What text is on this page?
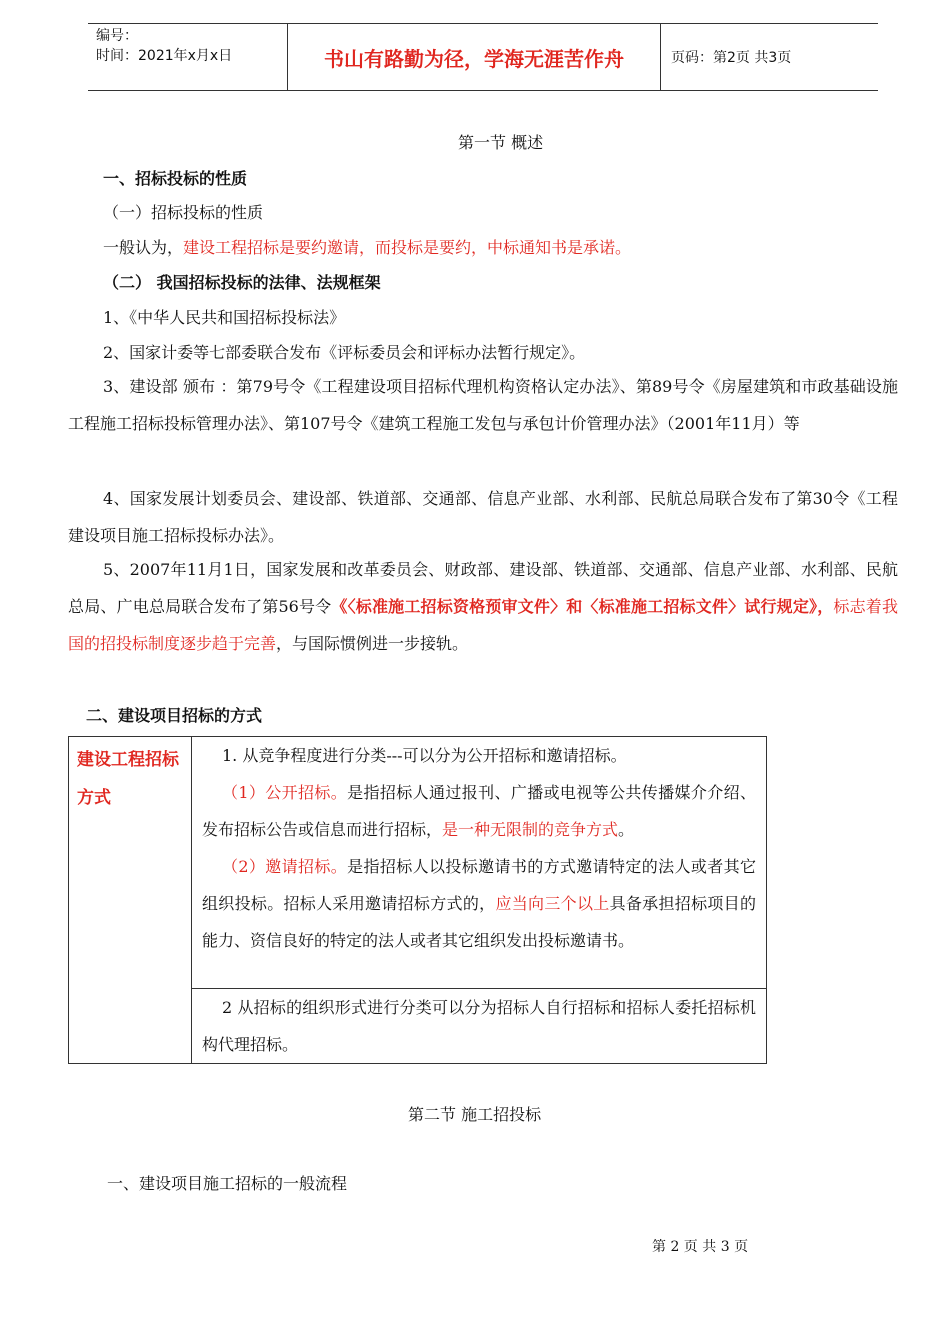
编号：
时间：2021年x月x日	书山有路勤为径，学海无涯苦作舟	页码：第2页 共3页
第一节 概述
一、招标投标的性质
（一）招标投标的性质
一般认为，建设工程招标是要约邀请，而投标是要约，中标通知书是承诺。
（二） 我国招标投标的法律、法规框架
1、《中华人民共和国招标投标法》
2、国家计委等七部委联合发布《评标委员会和评标办法暂行规定》。
3、建设部 颁布 ：第79号令《工程建设项目招标代理机构资格认定办法》、第89号令《房屋建筑和市政基础设施工程施工招标投标管理办法》、第107号令《建筑工程施工发包与承包计价管理办法》（2001年11月）等
4、国家发展计划委员会、建设部、铁道部、交通部、信息产业部、水利部、民航总局联合发布了第30令《工程建设项目施工招标投标办法》。
5、2007年11月1日，国家发展和改革委员会、财政部、建设部、铁道部、交通部、信息产业部、水利部、民航总局、广电总局联合发布了第56号令《〈标准施工招标资格预审文件〉和〈标准施工招标文件〉试行规定》，标志着我国的招投标制度逐步趋于完善，与国际惯例进一步接轨。
二、建设项目招标的方式
建设工程招标方式
1. 从竞争程度进行分类---可以分为公开招标和邀请招标。
（1）公开招标。是指招标人通过报刊、广播或电视等公共传播媒介介绍、发布招标公告或信息而进行招标，是一种无限制的竞争方式。
（2）邀请招标。是指招标人以投标邀请书的方式邀请特定的法人或者其它组织投标。招标人采用邀请招标方式的，应当向三个以上具备承担招标项目的能力、资信良好的特定的法人或者其它组织发出投标邀请书。
2 从招标的组织形式进行分类可以分为招标人自行招标和招标人委托招标机构代理招标。
第二节 施工招投标
一、建设项目施工招标的一般流程
第 2 页 共 3 页
